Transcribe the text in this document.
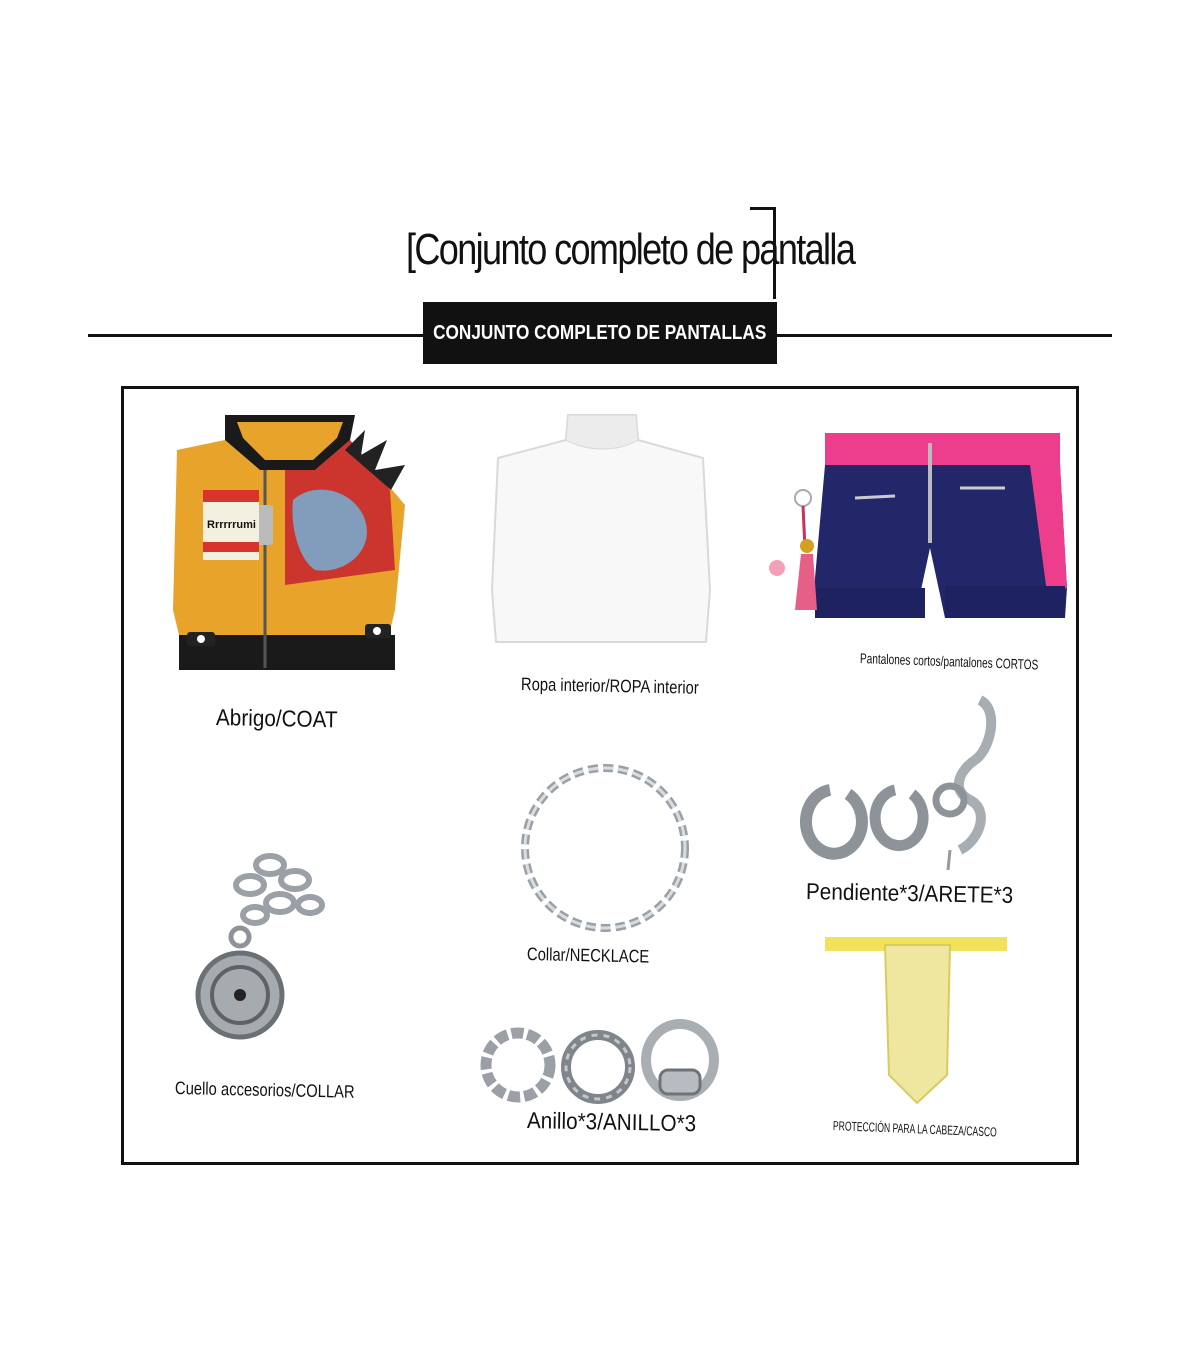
[Conjunto completo de pantalla
CONJUNTO COMPLETO DE PANTALLAS
Rrrrrrumi
Abrigo/COAT
Ropa interior/ROPA interior
Pantalones cortos/pantalones CORTOS
Collar/NECKLACE
Pendiente*3/ARETE*3
Cuello accesorios/COLLAR
Anillo*3/ANILLO*3	PROTECCIÓN PARA LA CABEZA/CASCO
